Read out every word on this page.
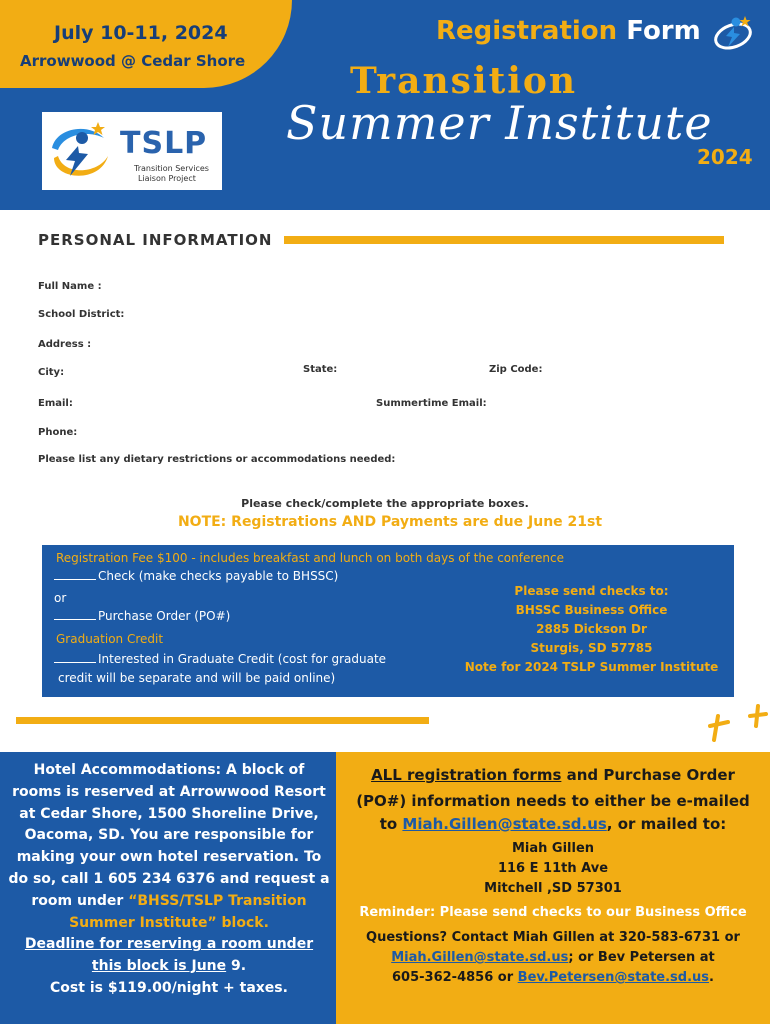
July 10-11, 2024
Arrowwood @ Cedar Shore
Registration Form
Transition
Summer Institute
2024
TSLP
Transition Services
Liaison Project
PERSONAL INFORMATION
Full Name :
School District:
Address :
City:	State:	Zip Code:
Email:	Summertime Email:
Phone:
Please list any dietary restrictions or accommodations needed:
Please check/complete the appropriate boxes.
NOTE: Registrations AND Payments are due June 21st
Registration Fee $100 - includes breakfast and lunch on both days of the conference
Check (make checks payable to BHSSC)
or
Purchase Order (PO#)
Graduation Credit
Interested in Graduate Credit (cost for graduate
credit will be separate and will be paid online)
Please send checks to:
BHSSC Business Office
2885 Dickson Dr
Sturgis, SD 57785
Note for 2024 TSLP Summer Institute
Hotel Accommodations: A block of rooms is reserved at Arrowwood Resort at Cedar Shore, 1500 Shoreline Drive, Oacoma, SD. You are responsible for making your own hotel reservation. To do so, call 1 605 234 6376 and request a room under “BHSS/TSLP Transition Summer Institute” block.
Deadline for reserving a room under this block is June 9.
Cost is $119.00/night + taxes.
ALL registration forms and Purchase Order
(PO#) information needs to either be e-mailed
to Miah.Gillen@state.sd.us, or mailed to:
Miah Gillen
116 E 11th Ave
Mitchell ,SD 57301
Reminder: Please send checks to our Business Office
Questions? Contact Miah Gillen at 320-583-6731 or
Miah.Gillen@state.sd.us; or Bev Petersen at
605-362-4856 or Bev.Petersen@state.sd.us.
